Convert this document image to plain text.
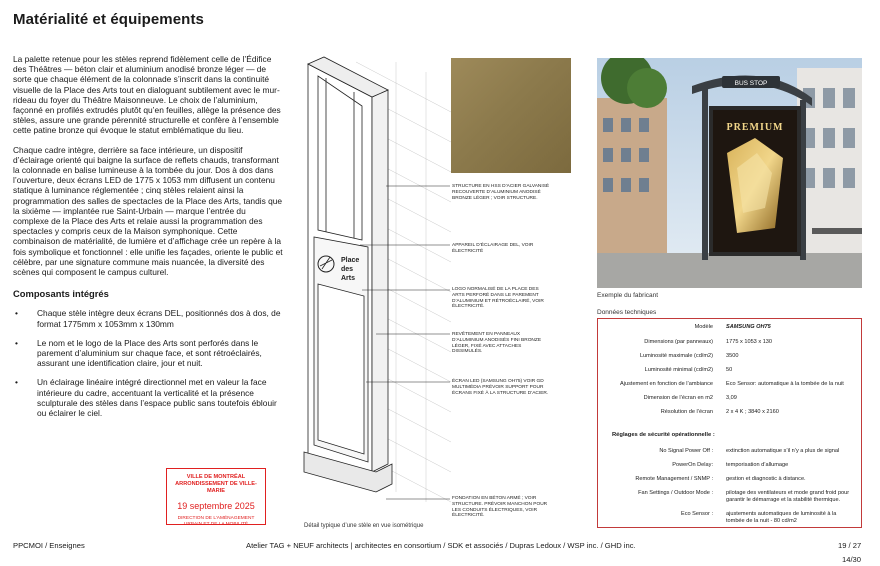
Matérialité et équipements

La palette retenue pour les stèles reprend fidèlement celle de l’Édifice des Théâtres — béton clair et aluminium anodisé bronze léger — de sorte que chaque élément de la colonnade s’inscrit dans la continuité visuelle de la Place des Arts tout en dialoguant subtilement avec le mur-rideau du foyer du Théâtre Maisonneuve. Le choix de l’aluminium, façonné en profilés extrudés plutôt qu’en feuilles, allège la présence des stèles, assure une grande pérennité structurelle et confère à l’ensemble cette patine bronze qui évoque le statut emblématique du lieu.

Chaque cadre intègre, derrière sa face intérieure, un dispositif d’éclairage orienté qui baigne la surface de reflets chauds, transformant la colonnade en balise lumineuse à la tombée du jour. Dos à dos dans l’ouverture, deux écrans LED de 1775 x 1053 mm diffusent un contenu statique à luminance réglementée ; cinq stèles relaient ainsi la programmation des salles de spectacles de la Place des Arts, tandis que la sixième — implantée rue Saint-Urbain — marque l’entrée du complexe de la Place des Arts et relaie aussi la programmation des spectacles y compris ceux de la Maison symphonique. Cette combinaison de matérialité, de lumière et d’affichage crée un repère à la fois symbolique et fonctionnel : elle unifie les façades, oriente le public et célèbre, par une signature commune mais nuancée, la diversité des scènes qui composent le campus culturel.

Composants intégrés
• Chaque stèle intègre deux écrans DEL, positionnés dos à dos, de format 1775mm x 1053mm x 130mm
• Le nom et le logo de la Place des Arts sont perforés dans le parement d’aluminium sur chaque face, et sont rétroéclairés, assurant une identification claire, jour et nuit.
• Un éclairage linéaire intégré directionnel met en valeur la face intérieure du cadre, accentuant la verticalité et la présence sculpturale des stèles dans l’espace public sans toutefois éblouir ou éclairer le ciel.
VILLE DE MONTRÉAL
ARRONDISSEMENT DE VILLE-MARIE
19 septembre 2025
DIRECTION DE L’AMÉNAGEMENT
URBAIN ET DE LA MOBILITÉ
Place
des
Arts
STRUCTURE EN HSS D’ACIER GALVANISÉ RECOUVERTE D’ALUMINIUM ANODISÉ BRONZE LÉGER ; VOIR STRUCTURE.
APPAREIL D’ÉCLAIRAGE DEL, VOIR ÉLECTRICITÉ
LOGO NORMALISÉ DE LA PLACE DES ARTS PERFORÉ DANS LE PAREMENT D’ALUMINIUM ET RÉTROÉCLAIRÉ, VOIR ÉLECTRICITÉ.
REVÊTEMENT EN PANNEAUX D’ALUMINIUM ANODISÉS FINI BRONZE LÉGER, FIXÉ AVEC ATTACHES DISSIMULÉS.
ÉCRAN LED (SAMSUNG OH75) VOIR GD MULTIMÉDIA PRÉVOIR SUPPORT POUR ÉCRANS FIXÉ À LA STRUCTURE D’ACIER.
FONDATION EN BÉTON ARMÉ ; VOIR STRUCTURE. PRÉVOIR MANCHON POUR LES CONDUITS ÉLECTRIQUES, VOIR ÉLECTRICITÉ.
Détail typique d’une stèle en vue isométrique
BUS STOP
PREMIUM
Exemple du fabricant
Données techniques
Modèle SAMSUNG OH75
Dimensions (par panneaux) 1775 x 1053 x 130
Luminosité maximale (cd/m2) 3500
Luminosité minimal (cd/m2) 50
Ajustement en fonction de l’ambiance Eco Sensor: automatique à la tombée de la nuit
Dimension de l’écran en m2 3,09
Résolution de l’écran 2 x 4 K ; 3840 x 2160
Réglages de sécurité opérationnelle :
No Signal Power Off : extinction automatique s’il n’y a plus de signal
PowerOn Delay: temporisation d’allumage
Remote Management / SNMP : gestion et diagnostic à distance.
Fan Settings / Outdoor Mode : pilotage des ventilateurs et mode grand froid pour garantir le démarrage et la stabilité thermique.
Eco Sensor : ajustements automatiques de luminosité à la tombée de la nuit - 80 cd/m2
PPCMOI / Enseignes	Atelier TAG + NEUF architects | architectes en consortium / SDK et associés / Dupras Ledoux / WSP inc. / GHD inc.	19 / 27
14/30
